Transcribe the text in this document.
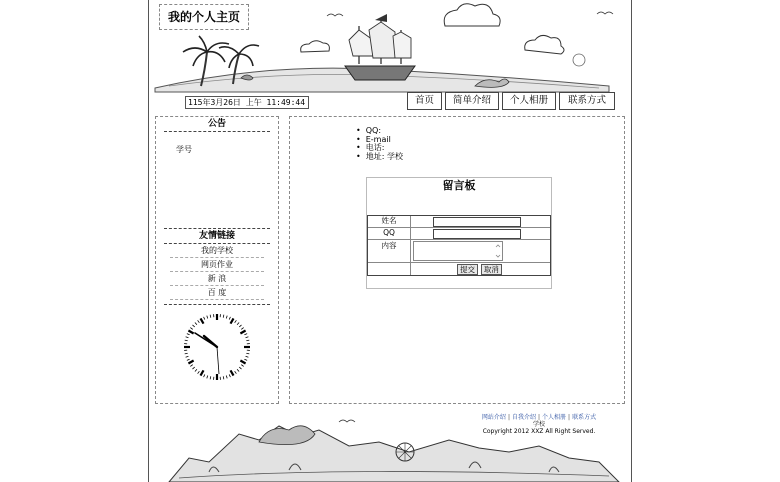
我的个人主页
115年3月26日 上午 11:49:44	首页	简单介绍	个人相册	联系方式
公告
学号
友情链接
我的学校
网页作业
新 浪
百 度
• QQ:
• E-mail
• 电话:
• 地址: 学校
留言板
姓名
QQ
内容

提交 取消
网站介绍 | 自我介绍 | 个人相册 | 联系方式
学校
Copyright 2012 XXZ All Right Served.
